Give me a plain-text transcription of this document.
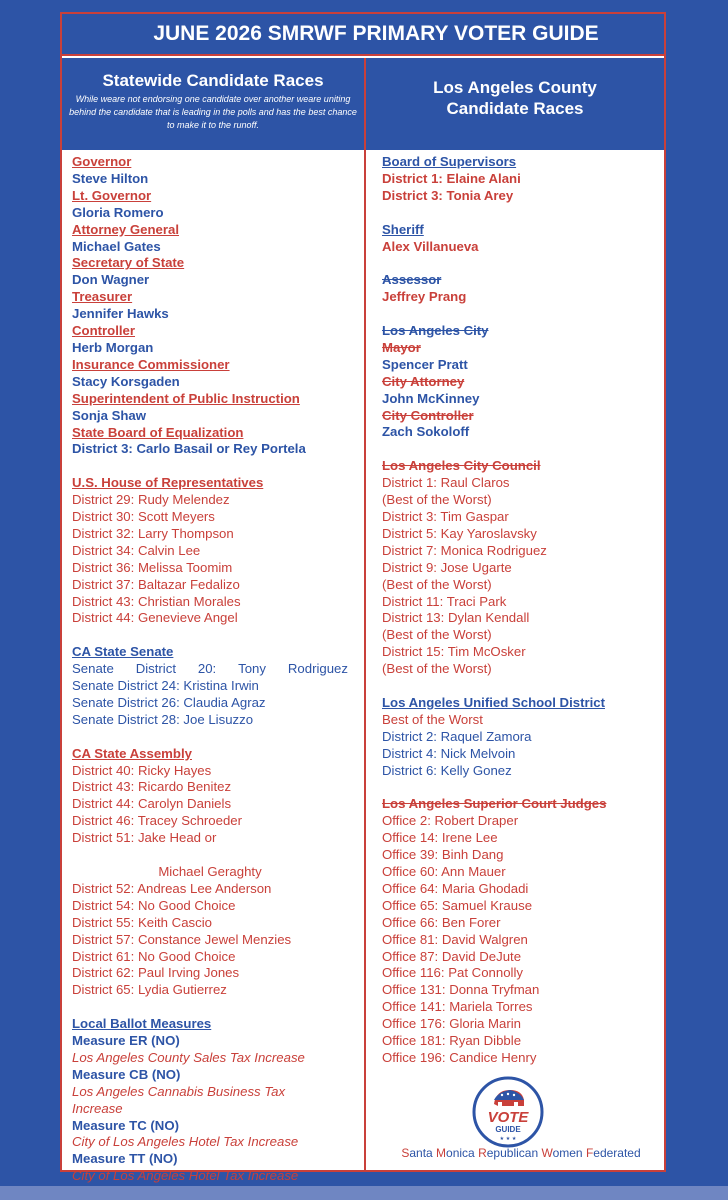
JUNE 2026 SMRWF PRIMARY VOTER GUIDE
Statewide Candidate Races
While weare not endorsing one candidate over another weare uniting behind the candidate that is leading in the polls and has the best chance to make it to the runoff.
Los Angeles County
Candidate Races
Governor
Steve Hilton
Lt. Governor
Gloria Romero
Attorney General
Michael Gates
Secretary of State
Don Wagner
Treasurer
Jennifer Hawks
Controller
Herb Morgan
Insurance Commissioner
Stacy Korsgaden
Superintendent of Public Instruction
Sonja Shaw
State Board of Equalization
District 3: Carlo Basail or Rey Portela
U.S. House of Representatives
District 29: Rudy Melendez
District 30: Scott Meyers
District 32: Larry Thompson
District 34: Calvin Lee
District 36: Melissa Toomim
District 37: Baltazar Fedalizo
District 43: Christian Morales
District 44: Genevieve Angel
CA State Senate
Senate District 20: Tony Rodriguez
Senate District 24: Kristina Irwin
Senate District 26: Claudia Agraz
Senate District 28: Joe Lisuzzo
CA State Assembly
District 40: Ricky Hayes
District 43: Ricardo Benitez
District 44: Carolyn Daniels
District 46: Tracey Schroeder
District 51: Jake Head or
Michael Geraghty
District 52: Andreas Lee Anderson
District 54: No Good Choice
District 55: Keith Cascio
District 57: Constance Jewel Menzies
District 61: No Good Choice
District 62: Paul Irving Jones
District 65: Lydia Gutierrez
Local Ballot Measures
Measure ER (NO)
Los Angeles County Sales Tax Increase
Measure CB (NO)
Los Angeles Cannabis Business Tax
Increase
Measure TC (NO)
City of Los Angeles Hotel Tax Increase
Measure TT (NO)
City of Los Angeles Hotel Tax Increase
Board of Supervisors
District 1: Elaine Alani
District 3: Tonia Arey
Sheriff
Alex Villanueva
Assessor
Jeffrey Prang
Los Angeles City
Mayor
Spencer Pratt
City Attorney
John McKinney
City Controller
Zach Sokoloff
Los Angeles City Council
District 1: Raul Claros
(Best of the Worst)
District 3: Tim Gaspar
District 5: Kay Yaroslavsky
District 7: Monica Rodriguez
District 9: Jose Ugarte
(Best of the Worst)
District 11: Traci Park
District 13: Dylan Kendall
(Best of the Worst)
District 15: Tim McOsker
(Best of the Worst)
Los Angeles Unified School District
Best of the Worst
District 2: Raquel Zamora
District 4: Nick Melvoin
District 6: Kelly Gonez
Los Angeles Superior Court Judges
Office 2: Robert Draper
Office 14: Irene Lee
Office 39: Binh Dang
Office 60: Ann Mauer
Office 64: Maria Ghodadi
Office 65: Samuel Krause
Office 66: Ben Forer
Office 81: David Walgren
Office 87: David DeJute
Office 116: Pat Connolly
Office 131: Donna Tryfman
Office 141: Mariela Torres
Office 176: Gloria Marin
Office 181: Ryan Dibble
Office 196: Candice Henry
VOTE
GUIDE
★ ★ ★
Santa Monica Republican Women Federated
